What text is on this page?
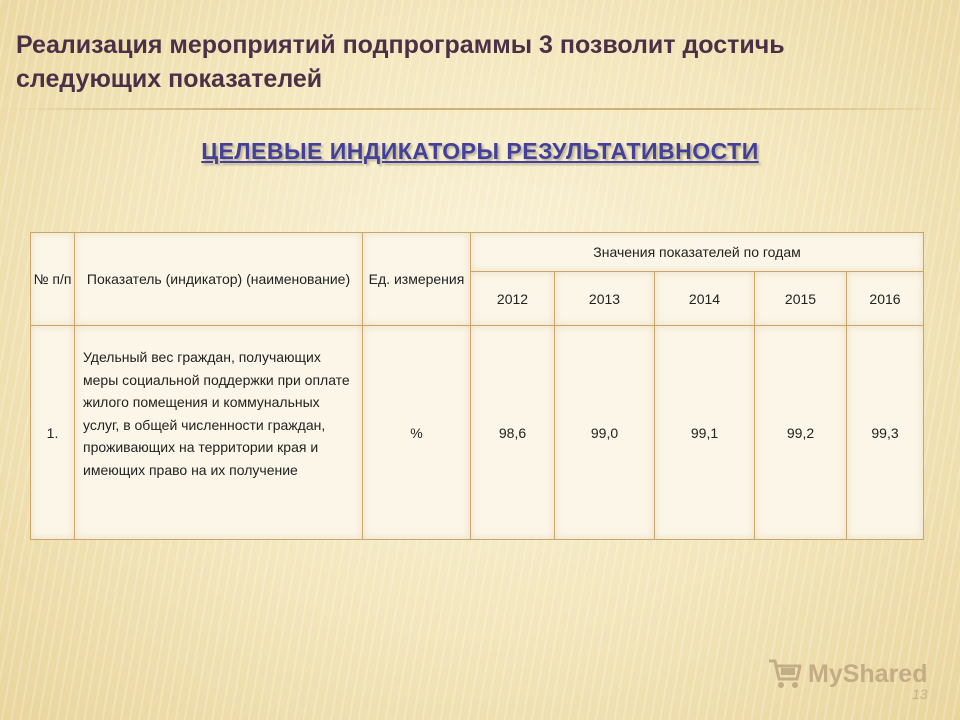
Реализация мероприятий подпрограммы 3 позволит достичь следующих показателей
ЦЕЛЕВЫЕ ИНДИКАТОРЫ РЕЗУЛЬТАТИВНОСТИ
№ п/п	Показатель (индикатор) (наименование)	Ед. измерения	Значения показателей по годам				
			2012	2013	2014	2015	2016
1.	Удельный вес граждан, получающих меры социальной поддержки при оплате жилого помещения и коммунальных услуг, в общей численности граждан, проживающих на территории края и имеющих право на их получение	%	98,6	99,0	99,1	99,2	99,3
MyShared
13
